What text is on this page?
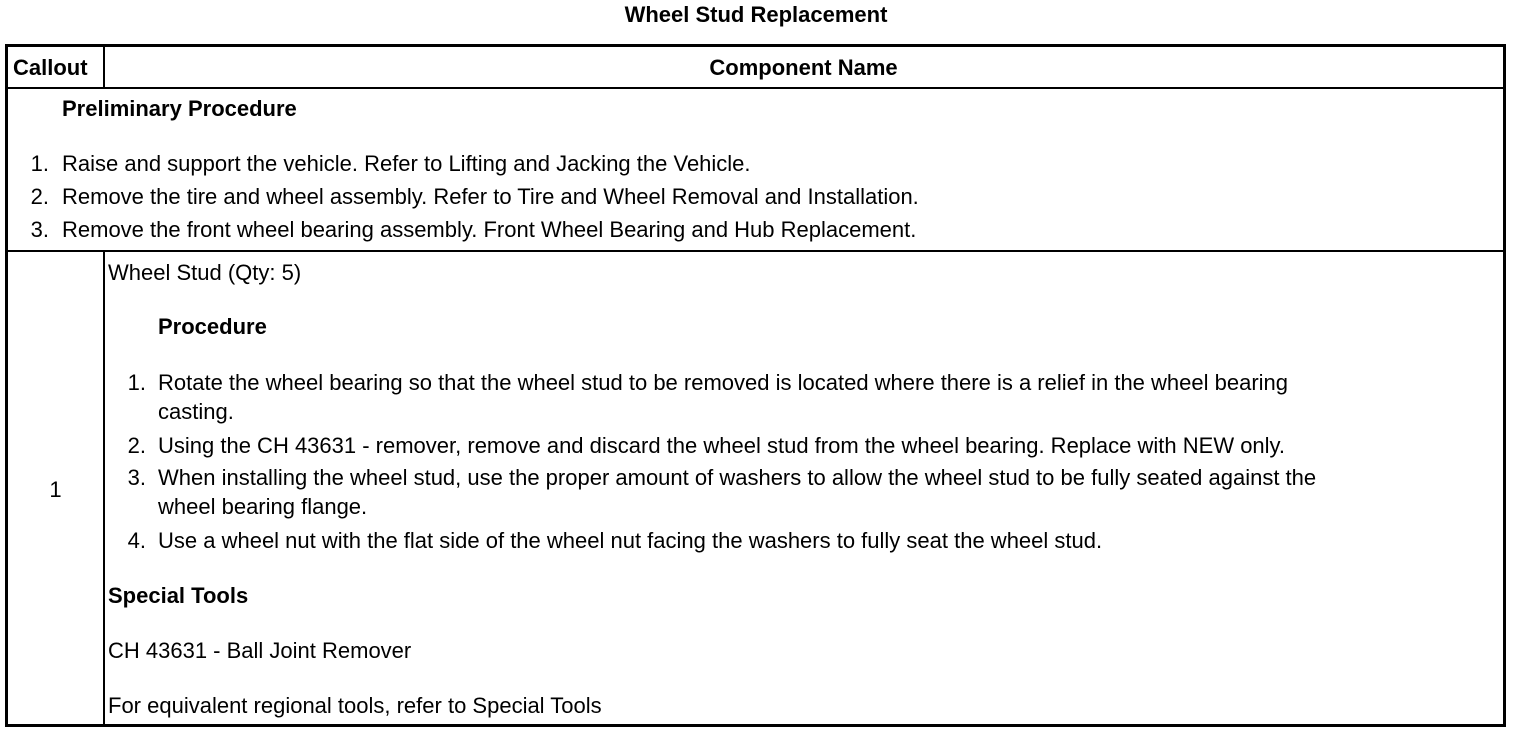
Wheel Stud Replacement
Callout	Component Name
Preliminary Procedure
1. Raise and support the vehicle. Refer to Lifting and Jacking the Vehicle.
2. Remove the tire and wheel assembly. Refer to Tire and Wheel Removal and Installation.
3. Remove the front wheel bearing assembly. Front Wheel Bearing and Hub Replacement.
1
Wheel Stud (Qty: 5)
Procedure
1. Rotate the wheel bearing so that the wheel stud to be removed is located where there is a relief in the wheel bearing
casting.
2. Using the CH 43631 - remover, remove and discard the wheel stud from the wheel bearing. Replace with NEW only.
3. When installing the wheel stud, use the proper amount of washers to allow the wheel stud to be fully seated against the
wheel bearing flange.
4. Use a wheel nut with the flat side of the wheel nut facing the washers to fully seat the wheel stud.
Special Tools
CH 43631 - Ball Joint Remover
For equivalent regional tools, refer to Special Tools
